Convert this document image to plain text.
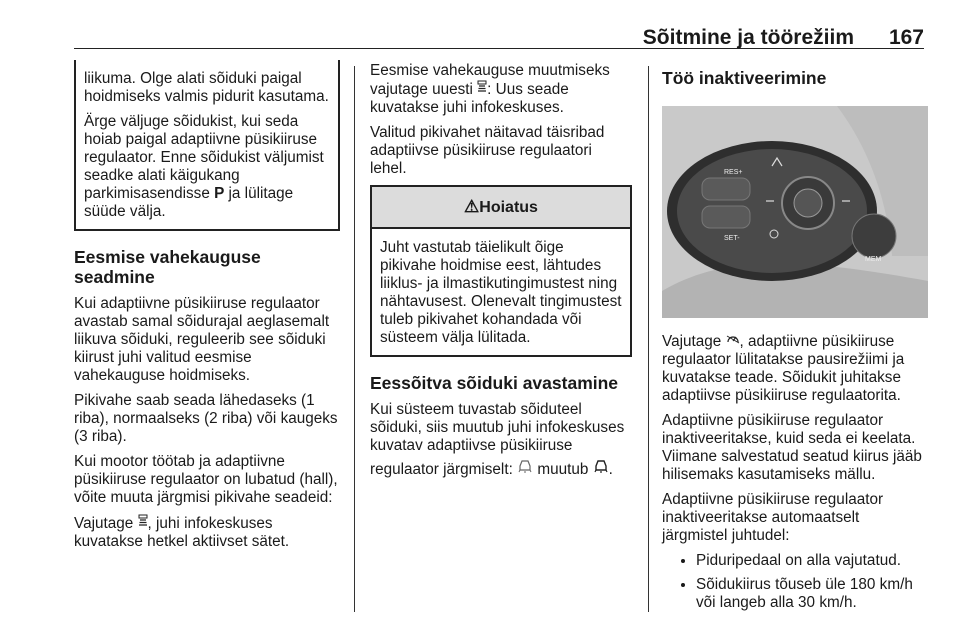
Sõitmine ja töörežiim 167

liikuma. Olge alati sõiduki paigal hoidmiseks valmis pidurit kasutama.

Ärge väljuge sõidukist, kui seda hoiab paigal adaptiivne püsikiiruse regulaator. Enne sõidukist väljumist seadke alati käigukang parkimisasendisse P ja lülitage süüde välja.

Eesmise vahekauguse seadmine

Kui adaptiivne püsikiiruse regulaator avastab samal sõidurajal aeglasemalt liikuva sõiduki, reguleerib see sõiduki kiirust juhi valitud eesmise vahekauguse hoidmiseks.

Pikivahe saab seada lähedaseks (1 riba), normaalseks (2 riba) või kaugeks (3 riba).

Kui mootor töötab ja adaptiivne püsikiiruse regulaator on lubatud (hall), võite muuta järgmisi pikivahe seadeid:

Vajutage , juhi infokeskuses kuvatakse hetkel aktiivset sätet.

Eesmise vahekauguse muutmiseks vajutage uuesti : Uus seade kuvatakse juhi infokeskuses.

Valitud pikivahet näitavad täisribad adaptiivse püsikiiruse regulaatori lehel.

⚠Hoiatus
Juht vastutab täielikult õige pikivahe hoidmise eest, lähtudes liiklus- ja ilmastikutingimustest ning nähtavusest. Olenevalt tingimustest tuleb pikivahet kohandada või süsteem välja lülitada.
Eessõitva sõiduki avastamine

Kui süsteem tuvastab sõiduteel sõiduki, siis muutub juhi infokeskuses kuvatav adaptiivse püsikiiruse

regulaator järgmiselt:  muutub .

Töö inaktiveerimine
RES+
SET-
MEM

Vajutage , adaptiivne püsikiiruse regulaator lülitatakse pausirežiimi ja kuvatakse teade. Sõidukit juhitakse adaptiivse püsikiiruse regulaatorita.

Adaptiivne püsikiiruse regulaator inaktiveeritakse, kuid seda ei keelata. Viimane salvestatud seatud kiirus jääb hilisemaks kasutamiseks mällu.

Adaptiivne püsikiiruse regulaator inaktiveeritakse automaatselt järgmistel juhtudel:

• Piduripedaal on alla vajutatud.
• Sõidukiirus tõuseb üle 180 km/h või langeb alla 30 km/h.
